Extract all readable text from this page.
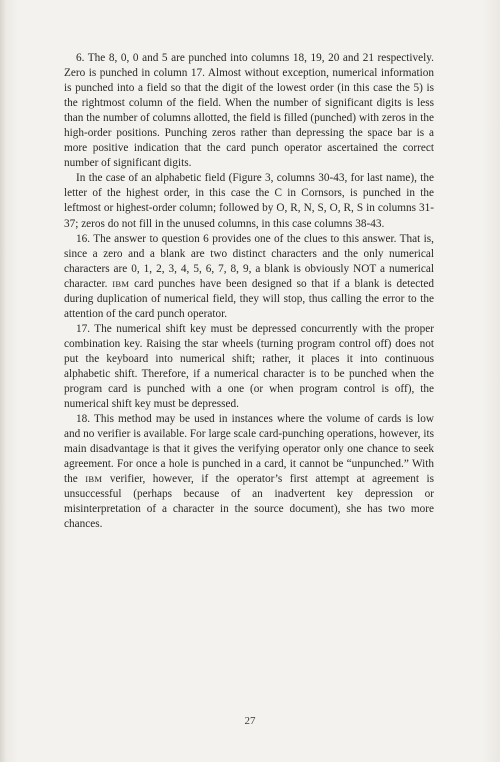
6. The 8, 0, 0 and 5 are punched into columns 18, 19, 20 and 21 respectively. Zero is punched in column 17. Almost without exception, numerical information is punched into a field so that the digit of the lowest order (in this case the 5) is the rightmost column of the field. When the number of significant digits is less than the number of columns allotted, the field is filled (punched) with zeros in the high-order positions. Punching zeros rather than depressing the space bar is a more positive indication that the card punch operator ascertained the correct number of significant digits.

In the case of an alphabetic field (Figure 3, columns 30-43, for last name), the letter of the highest order, in this case the C in Cornsors, is punched in the leftmost or highest-order column; followed by O, R, N, S, O, R, S in columns 31-37; zeros do not fill in the unused columns, in this case columns 38-43.

16. The answer to question 6 provides one of the clues to this answer. That is, since a zero and a blank are two distinct characters and the only numerical characters are 0, 1, 2, 3, 4, 5, 6, 7, 8, 9, a blank is obviously NOT a numerical character. IBM card punches have been designed so that if a blank is detected during duplication of numerical field, they will stop, thus calling the error to the attention of the card punch operator.

17. The numerical shift key must be depressed concurrently with the proper combination key. Raising the star wheels (turning program control off) does not put the keyboard into numerical shift; rather, it places it into continuous alphabetic shift. Therefore, if a numerical character is to be punched when the program card is punched with a one (or when program control is off), the numerical shift key must be depressed.

18. This method may be used in instances where the volume of cards is low and no verifier is available. For large scale card-punching operations, however, its main disadvantage is that it gives the verifying operator only one chance to seek agreement. For once a hole is punched in a card, it cannot be “unpunched.” With the IBM verifier, however, if the operator’s first attempt at agreement is unsuccessful (perhaps because of an inadvertent key depression or misinterpretation of a character in the source document), she has two more chances.

27
